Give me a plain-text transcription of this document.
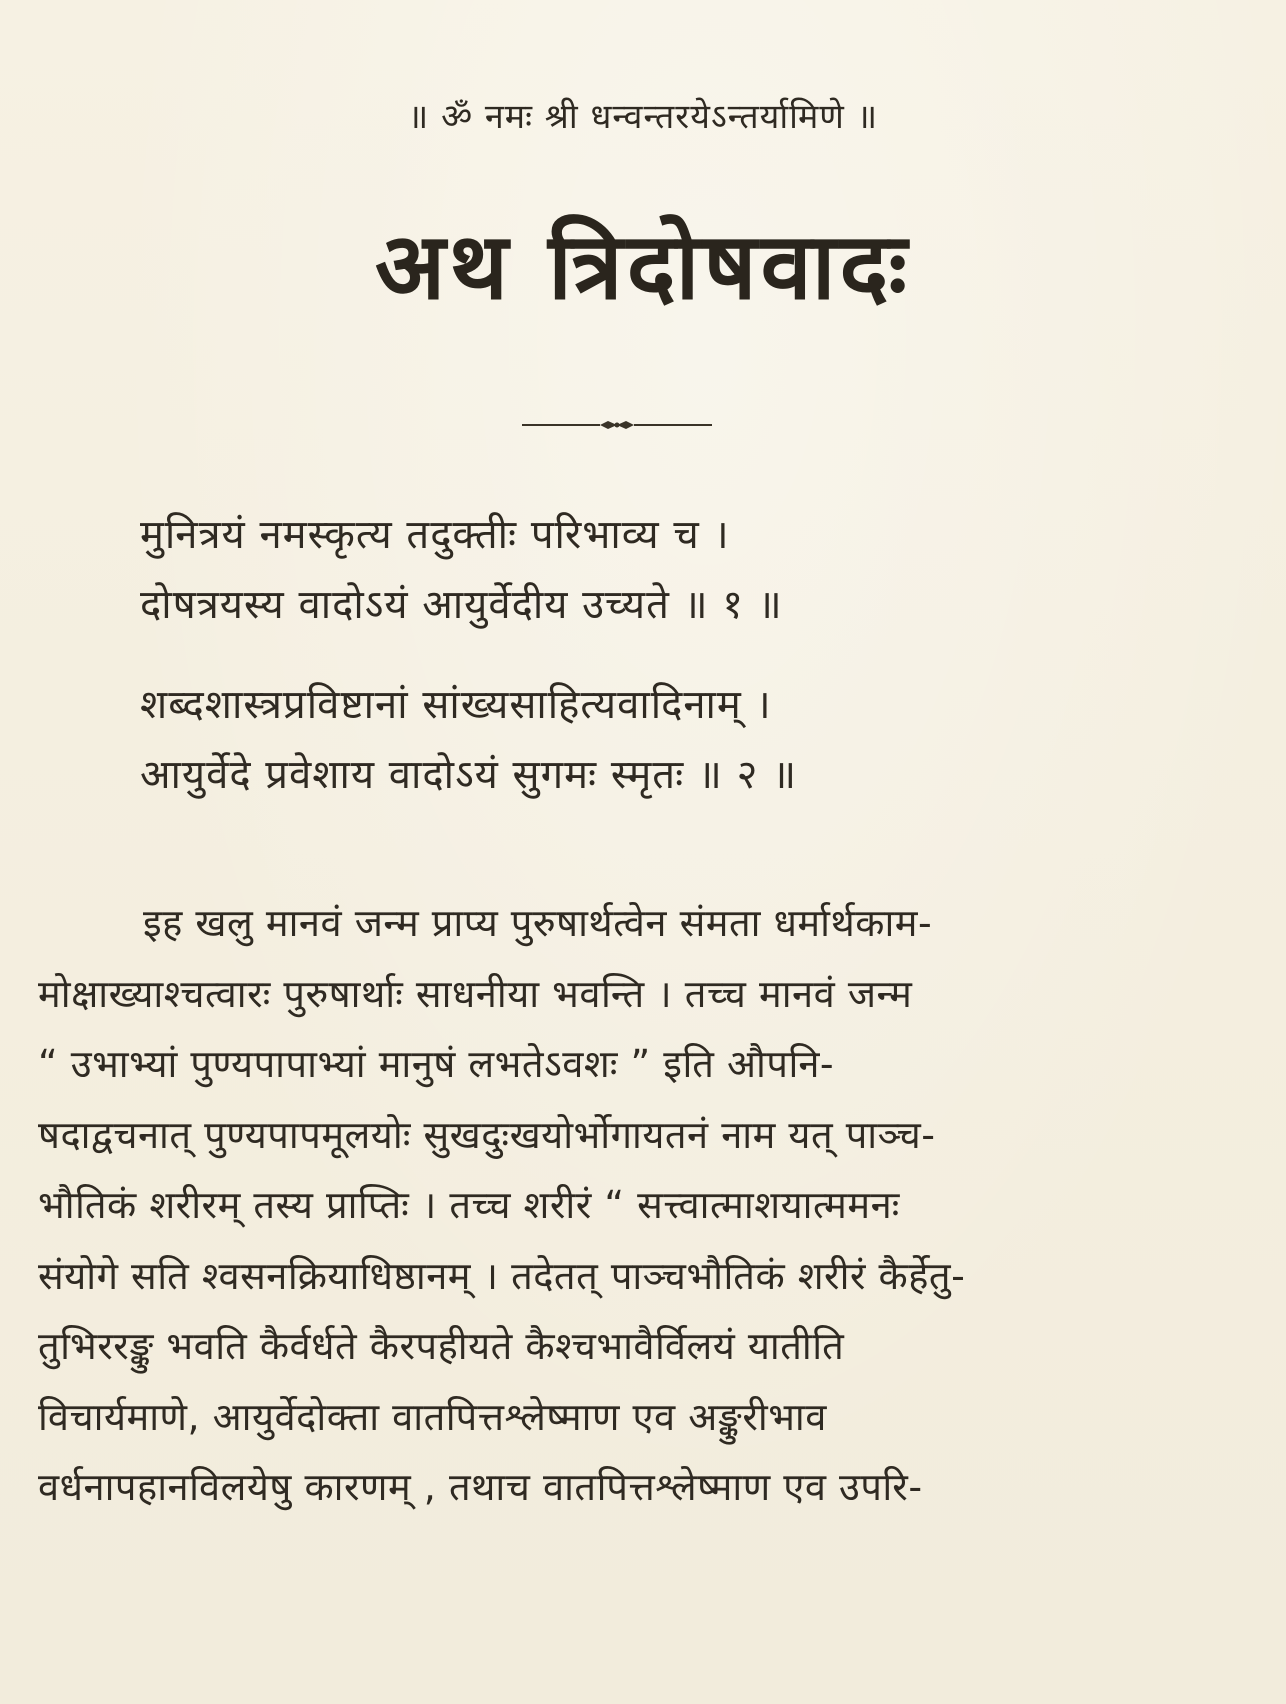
॥ ॐ नमः श्री धन्वन्तरयेऽन्तर्यामिणे ॥
अथ त्रिदोषवादः
मुनित्रयं नमस्कृत्य तदुक्तीः परिभाव्य च ।
दोषत्रयस्य वादोऽयं आयुर्वेदीय उच्यते ॥ १ ॥
शब्दशास्त्रप्रविष्टानां सांख्यसाहित्यवादिनाम् ।
आयुर्वेदे प्रवेशाय वादोऽयं सुगमः स्मृतः ॥ २ ॥
इह खलु मानवं जन्म प्राप्य पुरुषार्थत्वेन संमता धर्मार्थकाम-
मोक्षाख्याश्चत्वारः पुरुषार्थाः साधनीया भवन्ति । तच्च मानवं जन्म
“ उभाभ्यां पुण्यपापाभ्यां मानुषं लभतेऽवशः ” इति औपनि-
षदाद्वचनात् पुण्यपापमूलयोः सुखदुःखयोर्भोगायतनं नाम यत् पाञ्च-
भौतिकं शरीरम् तस्य प्राप्तिः । तच्च शरीरं “ सत्त्वात्माशयात्ममनः
संयोगे सति श्वसनक्रियाधिष्ठानम् । तदेतत् पाञ्चभौतिकं शरीरं कैर्हेतु-
तुभिररङ्कु भवति कैर्वर्धते कैरपहीयते कैश्चभावैर्विलयं यातीति
विचार्यमाणे, आयुर्वेदोक्ता वातपित्तश्लेष्माण एव अङ्कुरीभाव
वर्धनापहानविलयेषु कारणम् , तथाच वातपित्तश्लेष्माण एव उपरि-
